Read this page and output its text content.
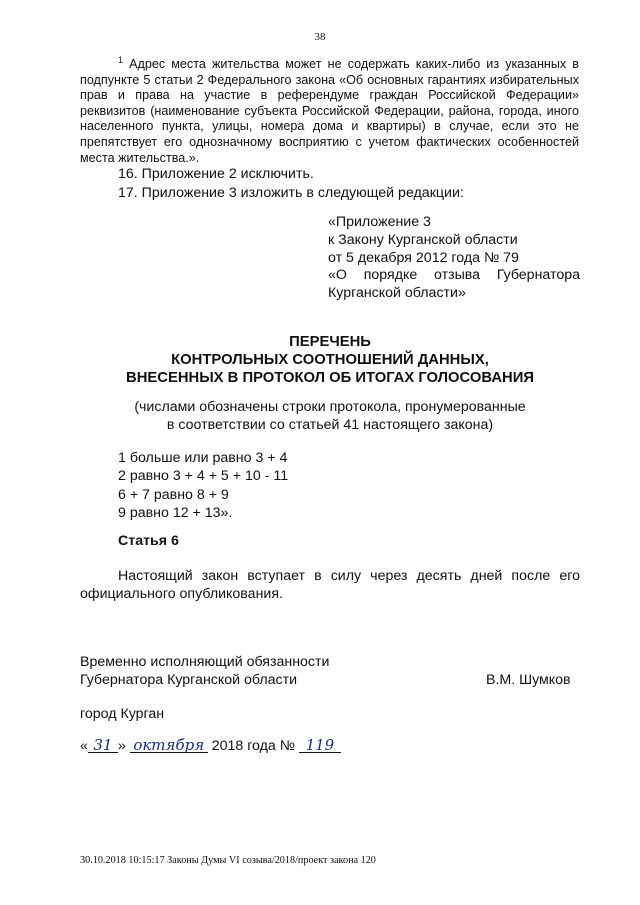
38
$^1$ Адрес места жительства может не содержать каких-либо из указанных в подпункте 5 статьи 2 Федерального закона «Об основных гарантиях избирательных прав и права на участие в референдуме граждан Российской Федерации» реквизитов (наименование субъекта Российской Федерации, района, города, иного населенного пункта, улицы, номера дома и квартиры) в случае, если это не препятствует его однозначному восприятию с учетом фактических особенностей места жительства.».
16. Приложение 2 исключить.
17. Приложение 3 изложить в следующей редакции:
«Приложение 3
к Закону Курганской области
от 5 декабря 2012 года № 79
«О порядке отзыва Губернатора Курганской области»
ПЕРЕЧЕНЬ
КОНТРОЛЬНЫХ СООТНОШЕНИЙ ДАННЫХ,
ВНЕСЕННЫХ В ПРОТОКОЛ ОБ ИТОГАХ ГОЛОСОВАНИЯ
(числами обозначены строки протокола, пронумерованные
в соответствии со статьей 41 настоящего закона)
1 больше или равно 3 + 4
2 равно 3 + 4 + 5 + 10 - 11
6 + 7 равно 8 + 9
9 равно 12 + 13».
Статья 6
Настоящий закон вступает в силу через десять дней после его официального опубликования.
Временно исполняющий обязанности
Губернатора Курганской области	В.М. Шумков
город Курган
« 31 » октября 2018 года № 119
30.10.2018 10:15:17 Законы Думы VI созыва/2018/проект закона 120
